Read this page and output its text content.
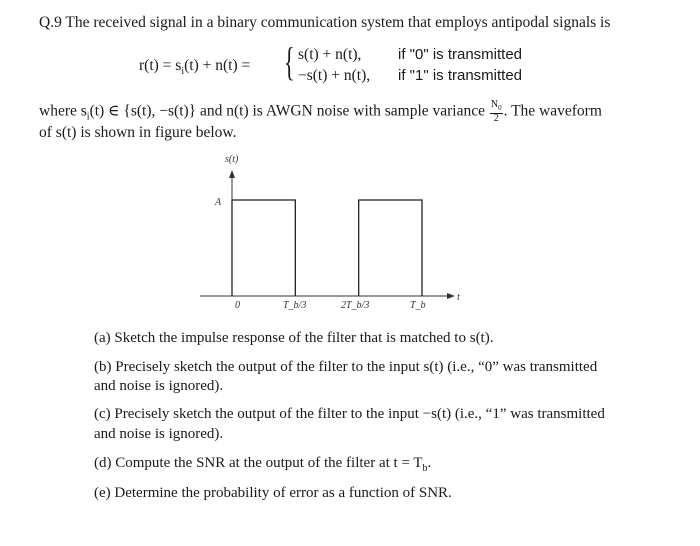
Q.9 The received signal in a binary communication system that employs antipodal signals is
$r(t) = s_i(t) + n(t)$ = { s(t) + n(t), if "0" is transmitted
−s(t) + n(t), if "1" is transmitted
where $s_i(t)$ ∈ {s(t), −s(t)} and n(t) is AWGN noise with sample variance $\frac{N_0}{2}$ . The waveform
of s(t) is shown in figure below.
s(t)
A
t
0	T_b/3	2T_b/3	T_b
(a) Sketch the impulse response of the filter that is matched to s(t).
(b) Precisely sketch the output of the filter to the input s(t) (i.e., “0” was transmitted
and noise is ignored).
(c) Precisely sketch the output of the filter to the input −s(t) (i.e., “1” was transmitted
and noise is ignored).
(d) Compute the SNR at the output of the filter at $t = T_b$.
(e) Determine the probability of error as a function of SNR.
